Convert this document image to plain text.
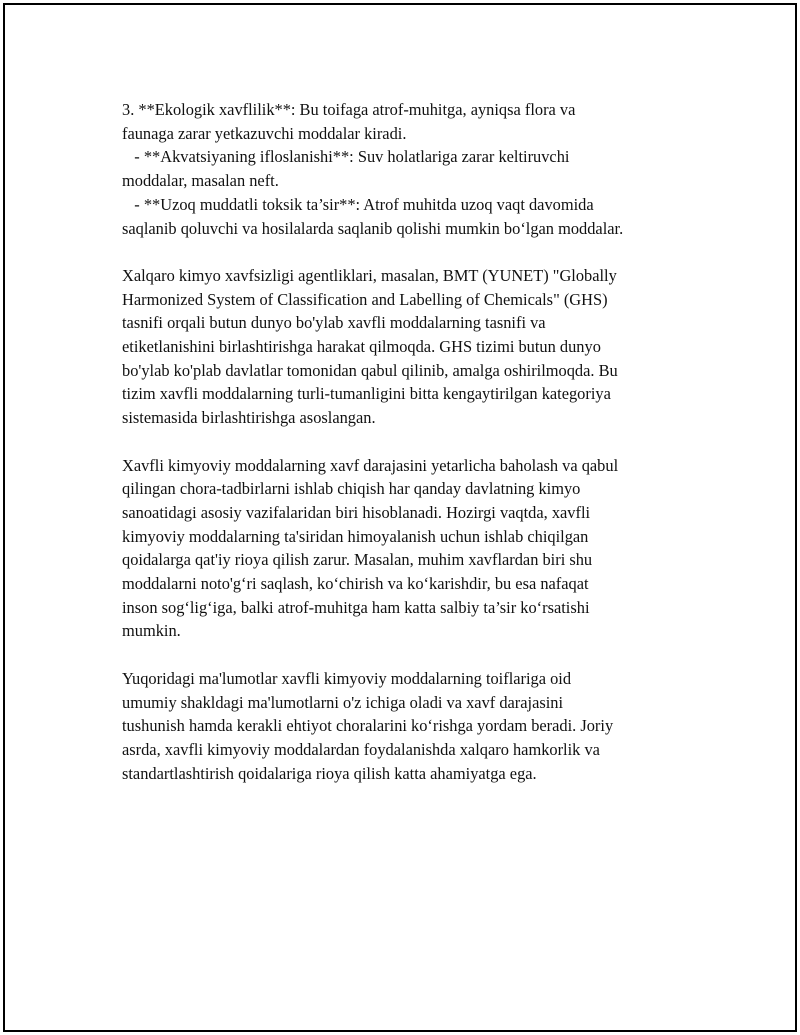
3. **Ekologik xavflilik**: Bu toifaga atrof-muhitga, ayniqsa flora va
faunaga zarar yetkazuvchi moddalar kiradi.
- **Akvatsiyaning ifloslanishi**: Suv holatlariga zarar keltiruvchi
moddalar, masalan neft.
- **Uzoq muddatli toksik ta’sir**: Atrof muhitda uzoq vaqt davomida
saqlanib qoluvchi va hosilalarda saqlanib qolishi mumkin bo‘lgan moddalar.

Xalqaro kimyo xavfsizligi agentliklari, masalan, BMT (YUNET) "Globally
Harmonized System of Classification and Labelling of Chemicals" (GHS)
tasnifi orqali butun dunyo bo'ylab xavfli moddalarning tasnifi va
etiketlanishini birlashtirishga harakat qilmoqda. GHS tizimi butun dunyo
bo'ylab ko'plab davlatlar tomonidan qabul qilinib, amalga oshirilmoqda. Bu
tizim xavfli moddalarning turli-tumanligini bitta kengaytirilgan kategoriya
sistemasida birlashtirishga asoslangan.

Xavfli kimyoviy moddalarning xavf darajasini yetarlicha baholash va qabul
qilingan chora-tadbirlarni ishlab chiqish har qanday davlatning kimyo
sanoatidagi asosiy vazifalaridan biri hisoblanadi. Hozirgi vaqtda, xavfli
kimyoviy moddalarning ta'siridan himoyalanish uchun ishlab chiqilgan
qoidalarga qat'iy rioya qilish zarur. Masalan, muhim xavflardan biri shu
moddalarni noto'g‘ri saqlash, ko‘chirish va ko‘karishdir, bu esa nafaqat
inson sog‘lig‘iga, balki atrof-muhitga ham katta salbiy ta’sir ko‘rsatishi
mumkin.

Yuqoridagi ma'lumotlar xavfli kimyoviy moddalarning toiflariga oid
umumiy shakldagi ma'lumotlarni o'z ichiga oladi va xavf darajasini
tushunish hamda kerakli ehtiyot choralarini ko‘rishga yordam beradi. Joriy
asrda, xavfli kimyoviy moddalardan foydalanishda xalqaro hamkorlik va
standartlashtirish qoidalariga rioya qilish katta ahamiyatga ega.
